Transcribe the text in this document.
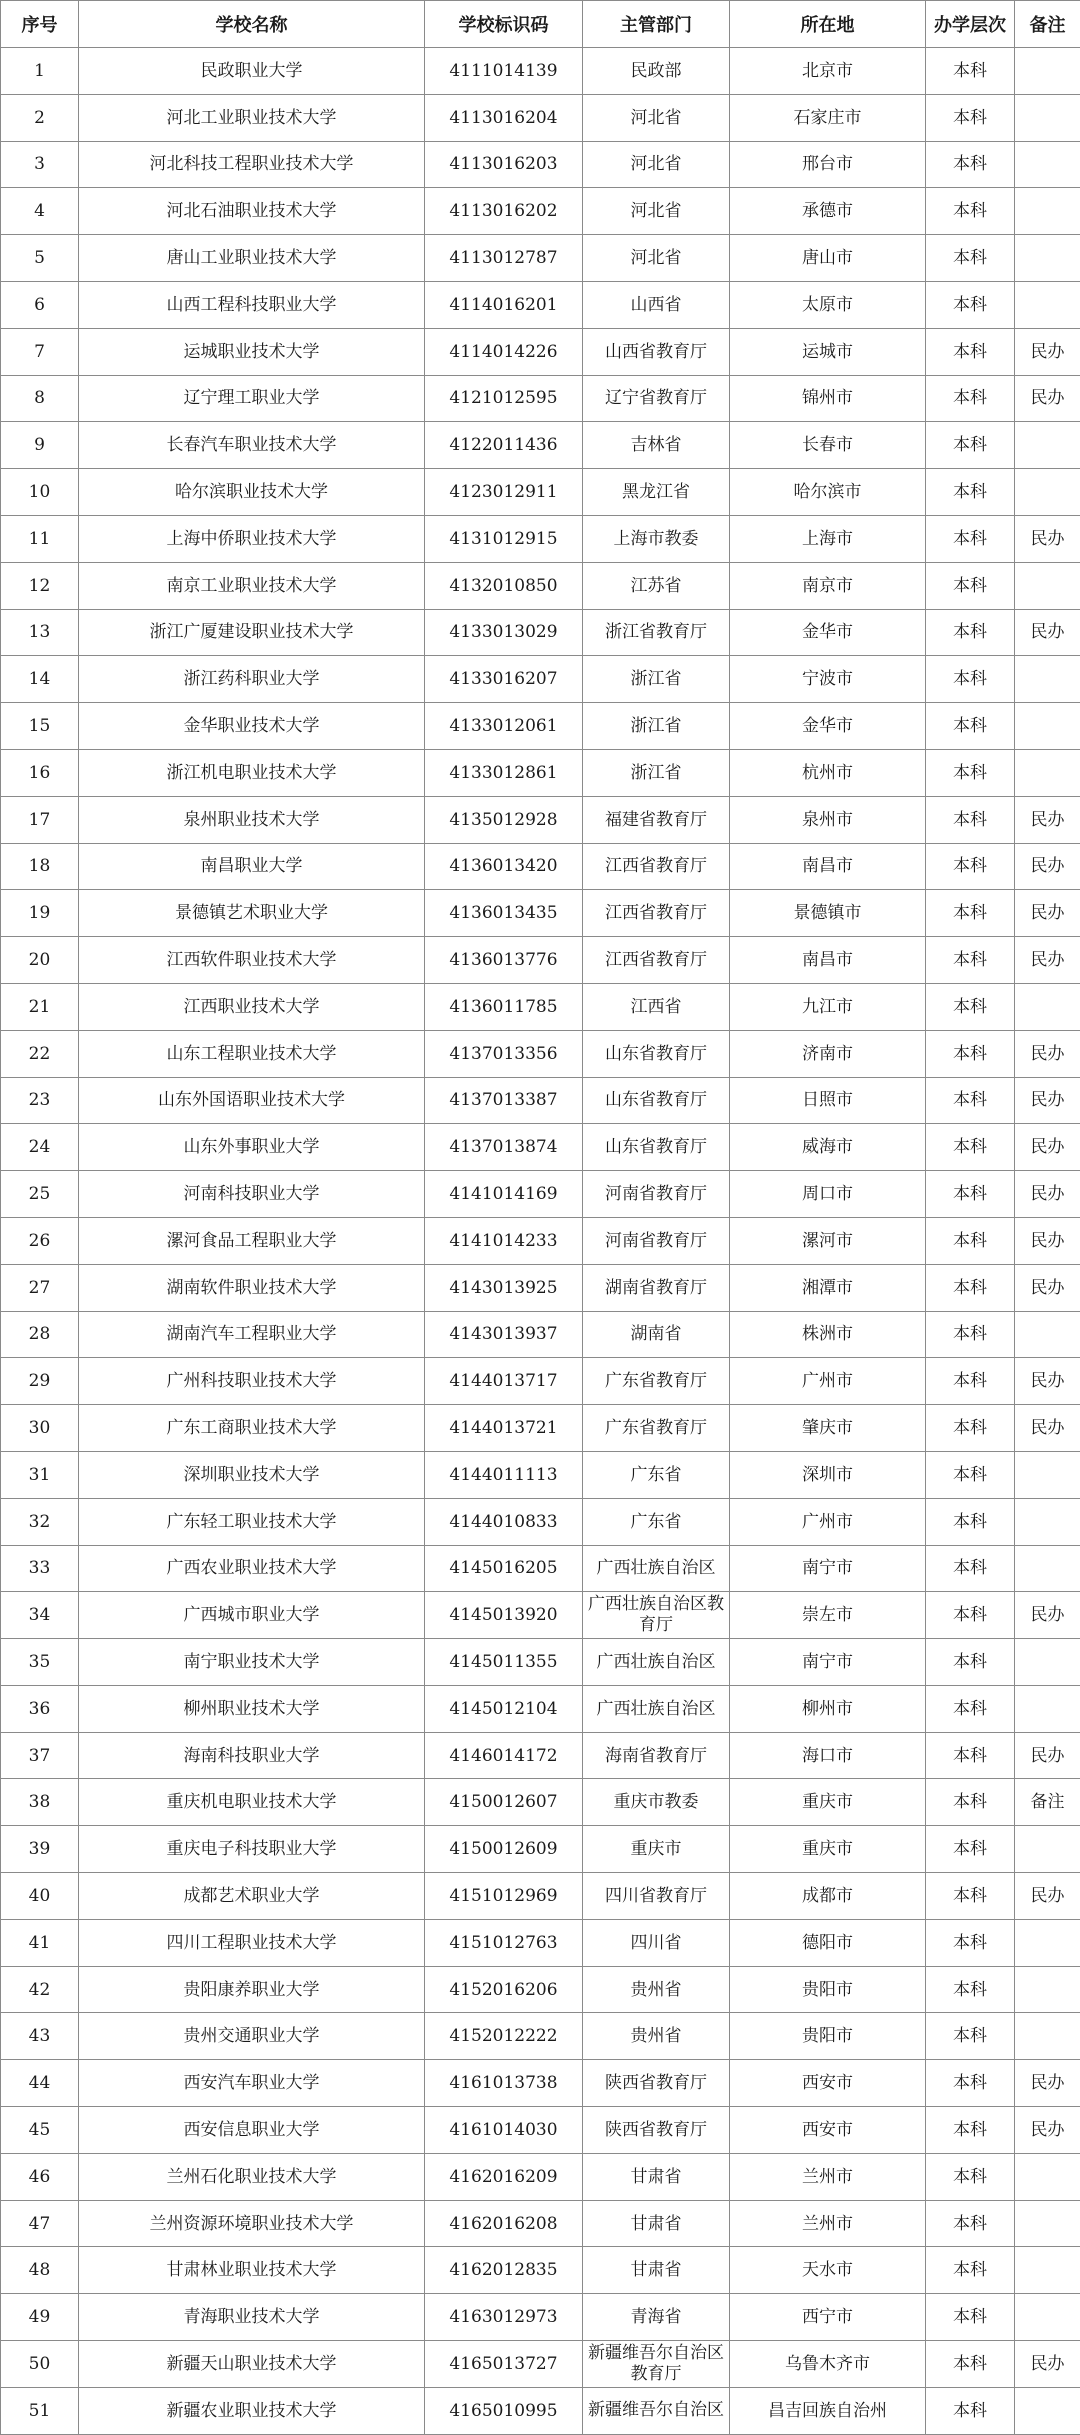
序号	学校名称	学校标识码	主管部门	所在地	办学层次	备注
1	民政职业大学	4111014139	民政部	北京市	本科	
2	河北工业职业技术大学	4113016204	河北省	石家庄市	本科	
3	河北科技工程职业技术大学	4113016203	河北省	邢台市	本科	
4	河北石油职业技术大学	4113016202	河北省	承德市	本科	
5	唐山工业职业技术大学	4113012787	河北省	唐山市	本科	
6	山西工程科技职业大学	4114016201	山西省	太原市	本科	
7	运城职业技术大学	4114014226	山西省教育厅	运城市	本科	民办
8	辽宁理工职业大学	4121012595	辽宁省教育厅	锦州市	本科	民办
9	长春汽车职业技术大学	4122011436	吉林省	长春市	本科	
10	哈尔滨职业技术大学	4123012911	黑龙江省	哈尔滨市	本科	
11	上海中侨职业技术大学	4131012915	上海市教委	上海市	本科	民办
12	南京工业职业技术大学	4132010850	江苏省	南京市	本科	
13	浙江广厦建设职业技术大学	4133013029	浙江省教育厅	金华市	本科	民办
14	浙江药科职业大学	4133016207	浙江省	宁波市	本科	
15	金华职业技术大学	4133012061	浙江省	金华市	本科	
16	浙江机电职业技术大学	4133012861	浙江省	杭州市	本科	
17	泉州职业技术大学	4135012928	福建省教育厅	泉州市	本科	民办
18	南昌职业大学	4136013420	江西省教育厅	南昌市	本科	民办
19	景德镇艺术职业大学	4136013435	江西省教育厅	景德镇市	本科	民办
20	江西软件职业技术大学	4136013776	江西省教育厅	南昌市	本科	民办
21	江西职业技术大学	4136011785	江西省	九江市	本科	
22	山东工程职业技术大学	4137013356	山东省教育厅	济南市	本科	民办
23	山东外国语职业技术大学	4137013387	山东省教育厅	日照市	本科	民办
24	山东外事职业大学	4137013874	山东省教育厅	威海市	本科	民办
25	河南科技职业大学	4141014169	河南省教育厅	周口市	本科	民办
26	漯河食品工程职业大学	4141014233	河南省教育厅	漯河市	本科	民办
27	湖南软件职业技术大学	4143013925	湖南省教育厅	湘潭市	本科	民办
28	湖南汽车工程职业大学	4143013937	湖南省	株洲市	本科	
29	广州科技职业技术大学	4144013717	广东省教育厅	广州市	本科	民办
30	广东工商职业技术大学	4144013721	广东省教育厅	肇庆市	本科	民办
31	深圳职业技术大学	4144011113	广东省	深圳市	本科	
32	广东轻工职业技术大学	4144010833	广东省	广州市	本科	
33	广西农业职业技术大学	4145016205	广西壮族自治区	南宁市	本科	
34	广西城市职业大学	4145013920	广西壮族自治区教育厅	崇左市	本科	民办
35	南宁职业技术大学	4145011355	广西壮族自治区	南宁市	本科	
36	柳州职业技术大学	4145012104	广西壮族自治区	柳州市	本科	
37	海南科技职业大学	4146014172	海南省教育厅	海口市	本科	民办
38	重庆机电职业技术大学	4150012607	重庆市教委	重庆市	本科	备注
39	重庆电子科技职业大学	4150012609	重庆市	重庆市	本科	
40	成都艺术职业大学	4151012969	四川省教育厅	成都市	本科	民办
41	四川工程职业技术大学	4151012763	四川省	德阳市	本科	
42	贵阳康养职业大学	4152016206	贵州省	贵阳市	本科	
43	贵州交通职业大学	4152012222	贵州省	贵阳市	本科	
44	西安汽车职业大学	4161013738	陕西省教育厅	西安市	本科	民办
45	西安信息职业大学	4161014030	陕西省教育厅	西安市	本科	民办
46	兰州石化职业技术大学	4162016209	甘肃省	兰州市	本科	
47	兰州资源环境职业技术大学	4162016208	甘肃省	兰州市	本科	
48	甘肃林业职业技术大学	4162012835	甘肃省	天水市	本科	
49	青海职业技术大学	4163012973	青海省	西宁市	本科	
50	新疆天山职业技术大学	4165013727	新疆维吾尔自治区教育厅	乌鲁木齐市	本科	民办
51	新疆农业职业技术大学	4165010995	新疆维吾尔自治区	昌吉回族自治州	本科	
